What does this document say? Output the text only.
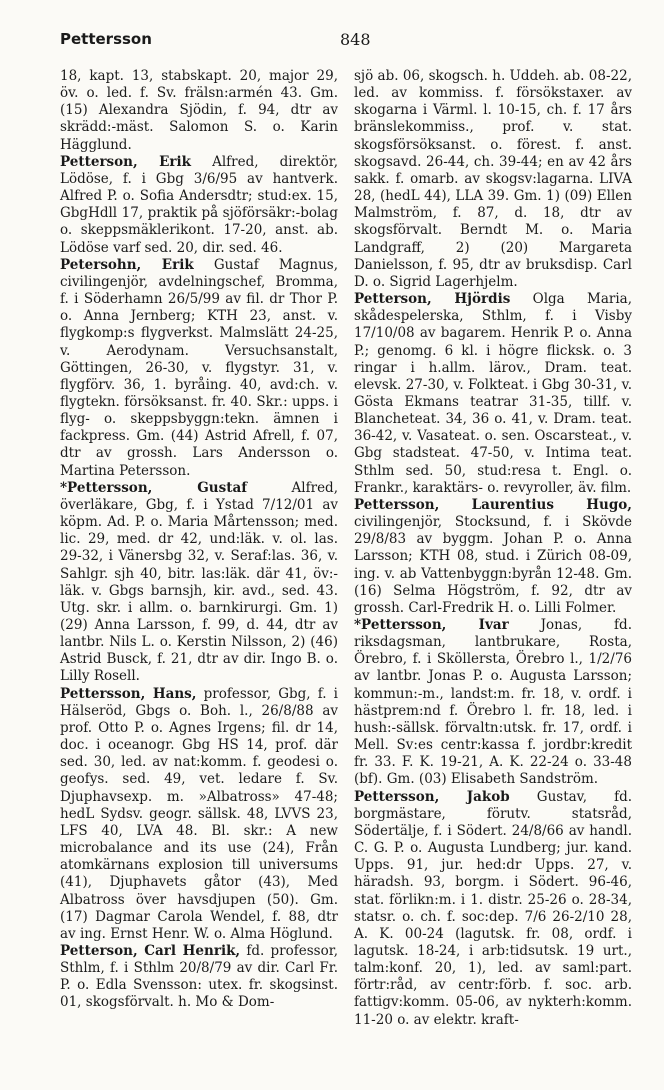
Pettersson	848

18, kapt. 13, stabskapt. 20, major 29, öv. o. led. f. Sv. frälsn:armén 43. Gm. (15) Alexandra Sjödin, f. 94, dtr av skrädd:-mäst. Salomon S. o. Karin Hägglund.

Petterson, Erik Alfred, direktör, Lödöse, f. i Gbg 3/6/95 av hantverk. Alfred P. o. Sofia Andersdtr; stud:ex. 15, GbgHdll 17, praktik på sjöförsäkr:-bolag o. skeppsmäklerikont. 17-20, anst. ab. Lödöse varf sed. 20, dir. sed. 46.

Petersohn, Erik Gustaf Magnus, civilingenjör, avdelningschef, Bromma, f. i Söderhamn 26/5/99 av fil. dr Thor P. o. Anna Jernberg; KTH 23, anst. v. flygkomp:s flygverkst. Malmslätt 24-25, v. Aerodynam. Versuchsanstalt, Göttingen, 26-30, v. flygstyr. 31, v. flygförv. 36, 1. byråing. 40, avd:ch. v. flygtekn. försöksanst. fr. 40. Skr.: upps. i flyg- o. skeppsbyggn:tekn. ämnen i fackpress. Gm. (44) Astrid Afrell, f. 07, dtr av grossh. Lars Andersson o. Martina Petersson.

*Pettersson, Gustaf	Alfred, överläkare, Gbg, f. i Ystad 7/12/01 av köpm. Ad. P. o. Maria Mårtensson; med. lic. 29, med. dr 42, und:läk. v. ol. las. 29-32, i Vänersbg 32, v. Seraf:las. 36, v. Sahlgr. sjh 40, bitr. las:läk. där 41, öv:-läk. v. Gbgs barnsjh, kir. avd., sed. 43. Utg. skr. i allm. o. barnkirurgi. Gm. 1) (29) Anna Larsson, f. 99, d. 44, dtr av lantbr. Nils L. o. Kerstin Nilsson, 2) (46) Astrid Busck, f. 21, dtr av dir. Ingo B. o. Lilly Rosell.

Pettersson, Hans, professor, Gbg, f. i Hälseröd, Gbgs o. Boh. l., 26/8/88 av prof. Otto P. o. Agnes Irgens; fil. dr 14, doc. i oceanogr. Gbg HS 14, prof. där sed. 30, led. av nat:komm. f. geodesi o. geofys. sed. 49, vet. ledare f. Sv. Djuphavsexp. m. »Albatross» 47-48; hedL Sydsv. geogr. sällsk. 48, LVVS 23, LFS 40, LVA 48. Bl. skr.: A new microbalance and its use (24), Från atomkärnans explosion till universums (41), Djuphavets gåtor (43), Med Albatross över havsdjupen (50). Gm. (17) Dagmar Carola Wendel, f. 88, dtr av ing. Ernst Henr. W. o. Alma Höglund.

Petterson, Carl Henrik, fd. professor, Sthlm, f. i Sthlm 20/8/79 av dir. Carl Fr. P. o. Edla Svensson: utex. fr. skogsinst. 01, skogsförvalt. h. Mo & Dom-

sjö ab. 06, skogsch. h. Uddeh. ab. 08-22, led. av kommiss. f. försökstaxer. av skogarna i Värml. l. 10-15, ch. f. 17 års bränslekommiss., prof. v. stat. skogsförsöksanst. o. förest. f. anst. skogsavd. 26-44, ch. 39-44; en av 42 års sakk. f. omarb. av skogsv:lagarna. LIVA 28, (hedL 44), LLA 39. Gm. 1) (09) Ellen Malmström, f. 87, d. 18, dtr av skogsförvalt. Berndt M. o. Maria Landgraff, 2) (20) Margareta Danielsson, f. 95, dtr av bruksdisp. Carl D. o. Sigrid Lagerhjelm.

Petterson, Hjördis Olga Maria, skådespelerska, Sthlm, f. i Visby 17/10/08 av bagarem. Henrik P. o. Anna P.; genomg. 6 kl. i högre flicksk. o. 3 ringar i h.allm. lärov., Dram. teat. elevsk. 27-30, v. Folkteat. i Gbg 30-31, v. Gösta Ekmans teatrar 31-35, tillf. v. Blancheteat. 34, 36 o. 41, v. Dram. teat. 36-42, v. Vasateat. o. sen. Oscarsteat., v. Gbg stadsteat. 47-50, v. Intima teat. Sthlm sed. 50, stud:resa t. Engl. o. Frankr., karaktärs- o. revyroller, äv. film.

Pettersson, Laurentius Hugo, civilingenjör, Stocksund, f. i Skövde 29/8/83 av byggm. Johan P. o. Anna Larsson; KTH 08, stud. i Zürich 08-09, ing. v. ab Vattenbyggn:byrån 12-48. Gm. (16) Selma Högström, f. 92, dtr av grossh. Carl-Fredrik H. o. Lilli Folmer.

*Pettersson, Ivar Jonas, fd. riksdagsman, lantbrukare, Rosta, Örebro, f. i Sköllersta, Örebro l., 1/2/76 av lantbr. Jonas P. o. Augusta Larsson; kommun:-m., landst:m. fr. 18, v. ordf. i hästprem:nd f. Örebro l. fr. 18, led. i hush:-sällsk. förvaltn:utsk. fr. 17, ordf. i Mell. Sv:es centr:kassa f. jordbr:kredit fr. 33. F. K. 19-21, A. K. 22-24 o. 33-48 (bf). Gm. (03) Elisabeth Sandström.

Pettersson, Jakob Gustav, fd. borgmästare, förutv. statsråd, Södertälje, f. i Södert. 24/8/66 av handl. C. G. P. o. Augusta Lundberg; jur. kand. Upps. 91, jur. hed:dr Upps. 27, v. häradsh. 93, borgm. i Södert. 96-46, stat. förlikn:m. i 1. distr. 25-26 o. 28-34, statsr. o. ch. f. soc:dep. 7/6 26-2/10 28, A. K. 00-24 (lagutsk. fr. 08, ordf. i lagutsk. 18-24, i arb:tidsutsk. 19 urt., talm:konf. 20, 1), led. av saml:part. förtr:råd, av centr:förb. f. soc. arb. fattigv:komm. 05-06, av nykterh:komm. 11-20 o. av elektr. kraft-
